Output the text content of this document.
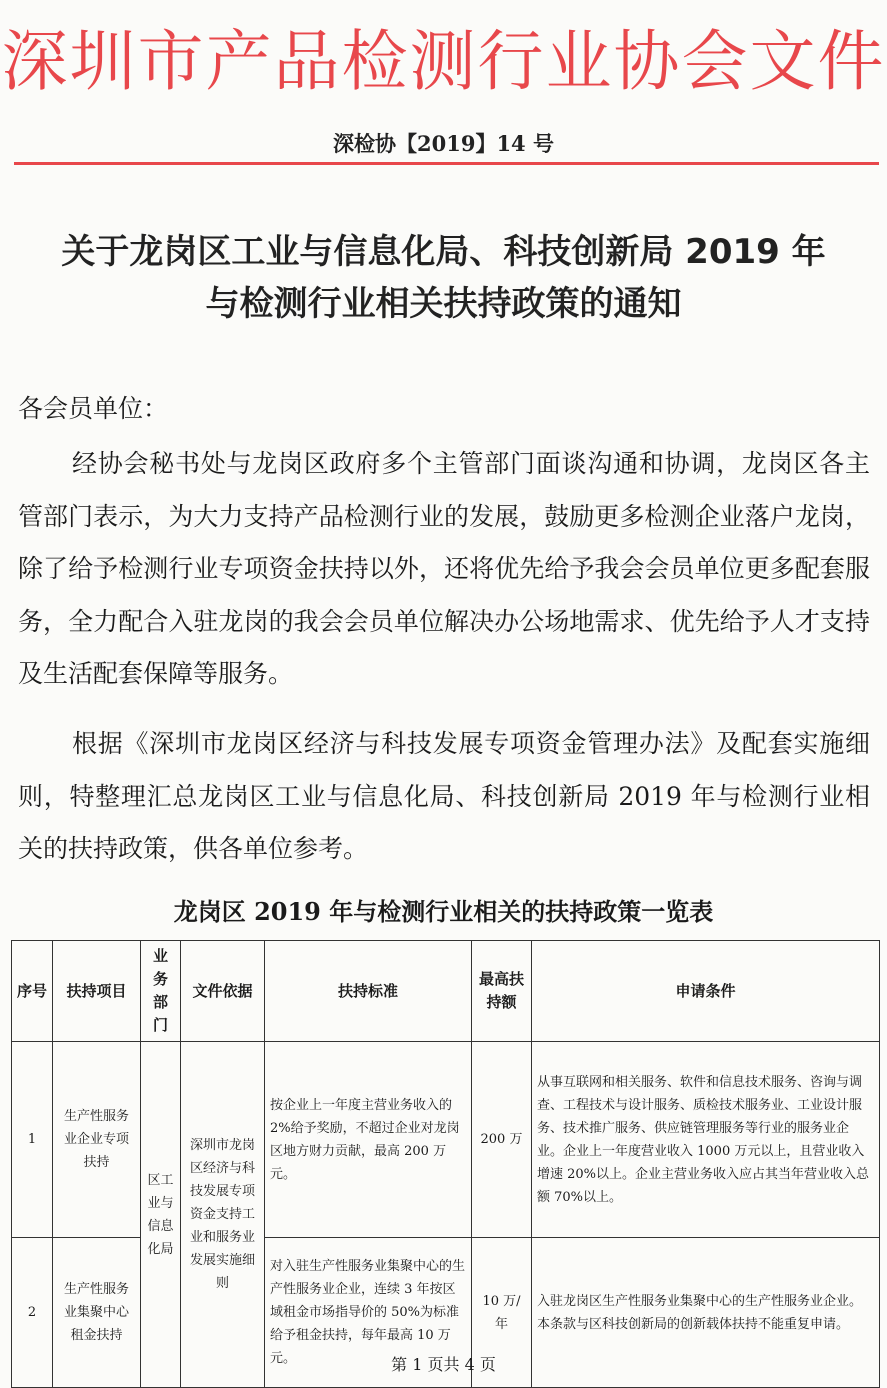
深圳市产品检测行业协会文件
深检协【2019】14 号
关于龙岗区工业与信息化局、科技创新局 2019 年
与检测行业相关扶持政策的通知
各会员单位：
经协会秘书处与龙岗区政府多个主管部门面谈沟通和协调，龙岗区各主管部门表示，为大力支持产品检测行业的发展，鼓励更多检测企业落户龙岗，除了给予检测行业专项资金扶持以外，还将优先给予我会会员单位更多配套服务，全力配合入驻龙岗的我会会员单位解决办公场地需求、优先给予人才支持及生活配套保障等服务。
根据《深圳市龙岗区经济与科技发展专项资金管理办法》及配套实施细则，特整理汇总龙岗区工业与信息化局、科技创新局 2019 年与检测行业相关的扶持政策，供各单位参考。
龙岗区 2019 年与检测行业相关的扶持政策一览表
序号	扶持项目	业务部门	文件依据	扶持标准	最高扶持额	申请条件
1	生产性服务业企业专项扶持	区工业与信息化局	深圳市龙岗区经济与科技发展专项资金支持工业和服务业发展实施细则	按企业上一年度主营业务收入的 2%给予奖励，不超过企业对龙岗区地方财力贡献，最高 200 万元。	200 万	从事互联网和相关服务、软件和信息技术服务、咨询与调查、工程技术与设计服务、质检技术服务业、工业设计服务、技术推广服务、供应链管理服务等行业的服务业企业。企业上一年度营业收入 1000 万元以上，且营业收入增速 20%以上。企业主营业务收入应占其当年营业收入总额 70%以上。
2	生产性服务业集聚中心租金扶持			对入驻生产性服务业集聚中心的生产性服务业企业，连续 3 年按区域租金市场指导价的 50%为标准给予租金扶持，每年最高 10 万元。	10 万/年	入驻龙岗区生产性服务业集聚中心的生产性服务业企业。
本条款与区科技创新局的创新载体扶持不能重复申请。
第 1 页共 4 页
